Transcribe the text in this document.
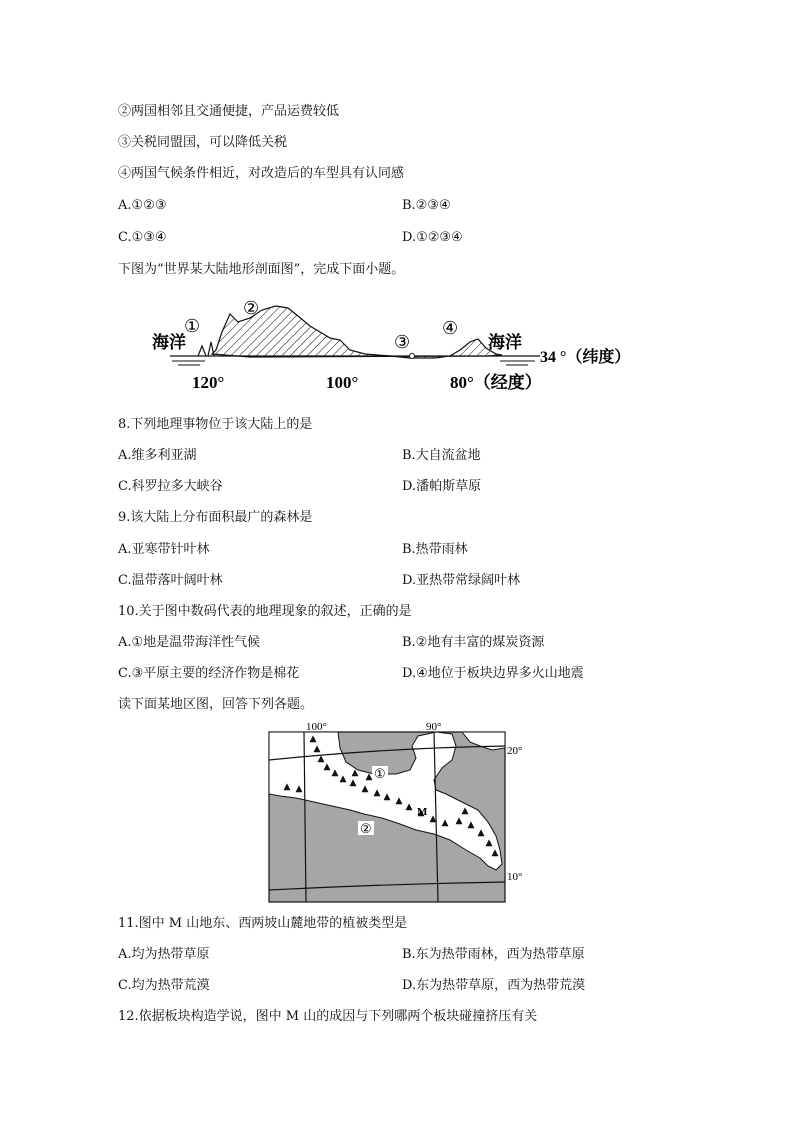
②两国相邻且交通便捷，产品运费较低
③关税同盟国，可以降低关税
④两国气候条件相近，对改造后的车型具有认同感
A.①②③	B.②③④
C.①③④	D.①②③④
下图为“世界某大陆地形剖面图”，完成下面小题。
海洋	海洋
①
②
③
④
120°	100°	80°（经度）
34 °（纬度）
8.下列地理事物位于该大陆上的是
A.维多利亚湖	B.大自流盆地
C.科罗拉多大峡谷	D.潘帕斯草原
9.该大陆上分布面积最广的森林是
A.亚寒带针叶林	B.热带雨林
C.温带落叶阔叶林	D.亚热带常绿阔叶林
10.关于图中数码代表的地理现象的叙述，正确的是
A.①地是温带海洋性气候	B.②地有丰富的煤炭资源
C.③平原主要的经济作物是棉花	D.④地位于板块边界多火山地震
读下面某地区图，回答下列各题。
100°	90°
20°
10°
①
②
M
11.图中 M 山地东、西两坡山麓地带的植被类型是
A.均为热带草原	B.东为热带雨林，西为热带草原
C.均为热带荒漠	D.东为热带草原，西为热带荒漠
12.依据板块构造学说，图中 M 山的成因与下列哪两个板块碰撞挤压有关
